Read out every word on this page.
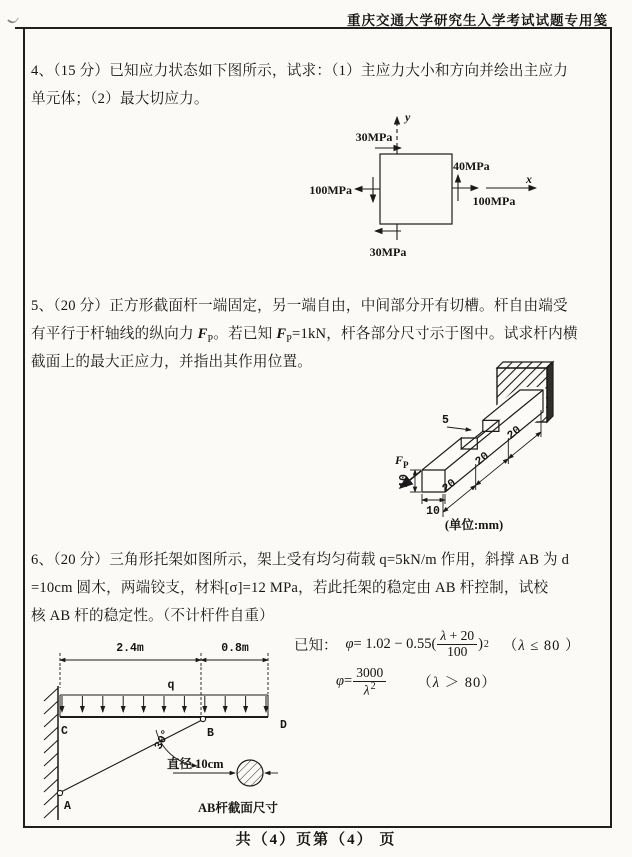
重庆交通大学研究生入学考试试题专用笺
4、（15 分）已知应力状态如下图所示，试求：（1）主应力大小和方向并绘出主应力
单元体；（2）最大切应力。
y
x
30MPa
30MPa
100MPa
100MPa
40MPa
5、（20 分）正方形截面杆一端固定，另一端自由，中间部分开有切槽。杆自由端受
有平行于杆轴线的纵向力 $F_P$。若已知 $F_P=1kN$，杆各部分尺寸示于图中。试求杆内横
截面上的最大正应力，并指出其作用位置。
$F_P$
5
20
20
20
10
10
(单位:mm)
6、（20 分）三角形托架如图所示，架上受有均匀荷载 q=5kN/m 作用，斜撑 AB 为 d
=10cm 圆木，两端铰支，材料[σ]=12 MPa，若此托架的稳定由 AB 杆控制，试校
核 AB 杆的稳定性。（不计杆件自重）
2.4m	0.8m
q
C	B
D
A
30°
直径 10cm
AB杆截面尺寸
已知： $\varphi = 1.02 - 0.55( \frac{\lambda + 20}{100}$ ) 2 （λ ≤ 80 ）
$\varphi = \frac{3000}{\lambda^2} (\lambda > 80)$
共（4）页第（4） 页
